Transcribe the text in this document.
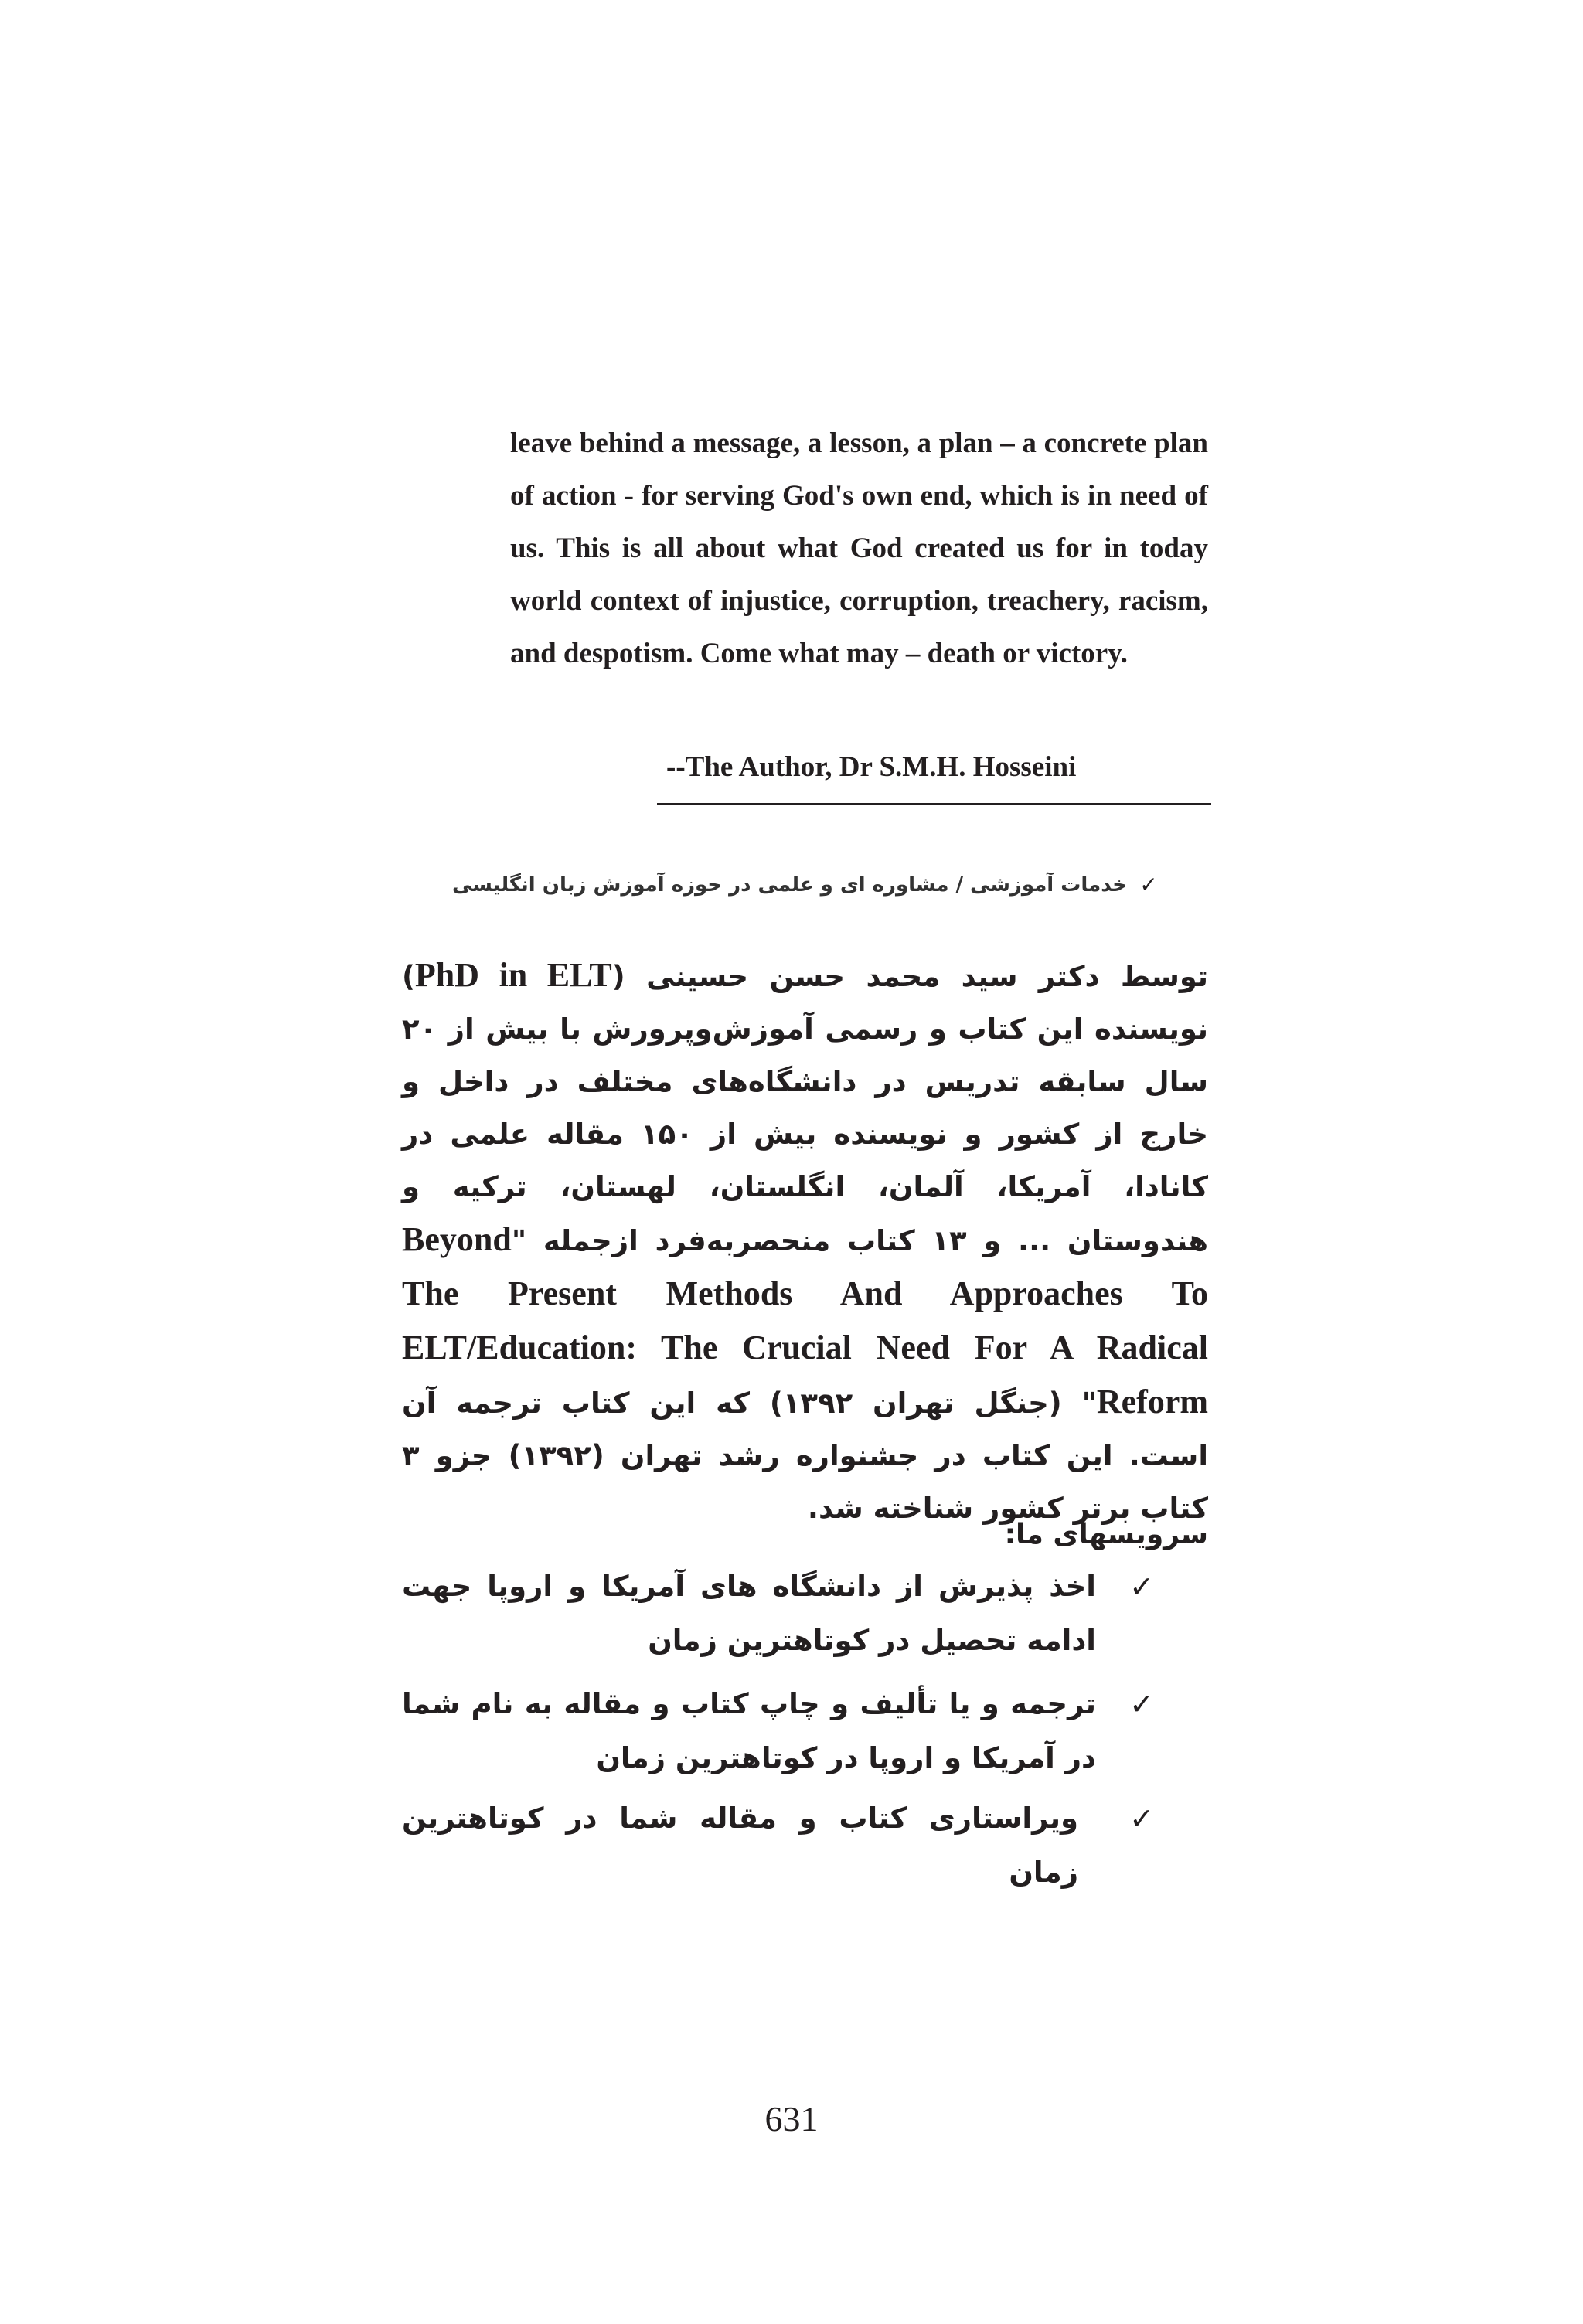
leave behind a message, a lesson, a plan – a concrete plan of action - for serving God's own end, which is in need of us. This is all about what God created us for in today world context of injustice, corruption, treachery, racism, and despotism. Come what may – death or victory.

--The Author, Dr S.M.H. Hosseini

✓

خدمات آموزشی / مشاوره ای و علمی در حوزه آموزش زبان انگلیسی

توسط دکتر سید محمد حسن حسینی (PhD in ELT) نویسنده این کتاب و رسمی آموزش‌وپرورش با بیش از ۲۰ سال سابقه تدریس در دانشگاه‌های مختلف در داخل و خارج از کشور و نویسنده بیش از ۱۵۰ مقاله علمی در کانادا، آمریکا، آلمان، انگلستان، لهستان، ترکیه و هندوستان ... و ۱۳ کتاب منحصربه‌فرد ازجمله "Beyond The Present Methods And Approaches To ELT/Education: The Crucial Need For A Radical Reform" (جنگل تهران ۱۳۹۲) که این کتاب ترجمه آن است. این کتاب در جشنواره رشد تهران (۱۳۹۲) جزو ۳ کتاب برتر کشور شناخته شد.

سرویسهای ما:

✓

اخذ پذیرش از دانشگاه های آمریکا و اروپا جهت ادامه تحصیل در کوتاهترین زمان

✓

ترجمه و یا تألیف و چاپ کتاب و مقاله به نام شما در آمریکا و اروپا در کوتاهترین زمان

✓

ویراستاری کتاب و مقاله شما در کوتاهترین زمان

631
